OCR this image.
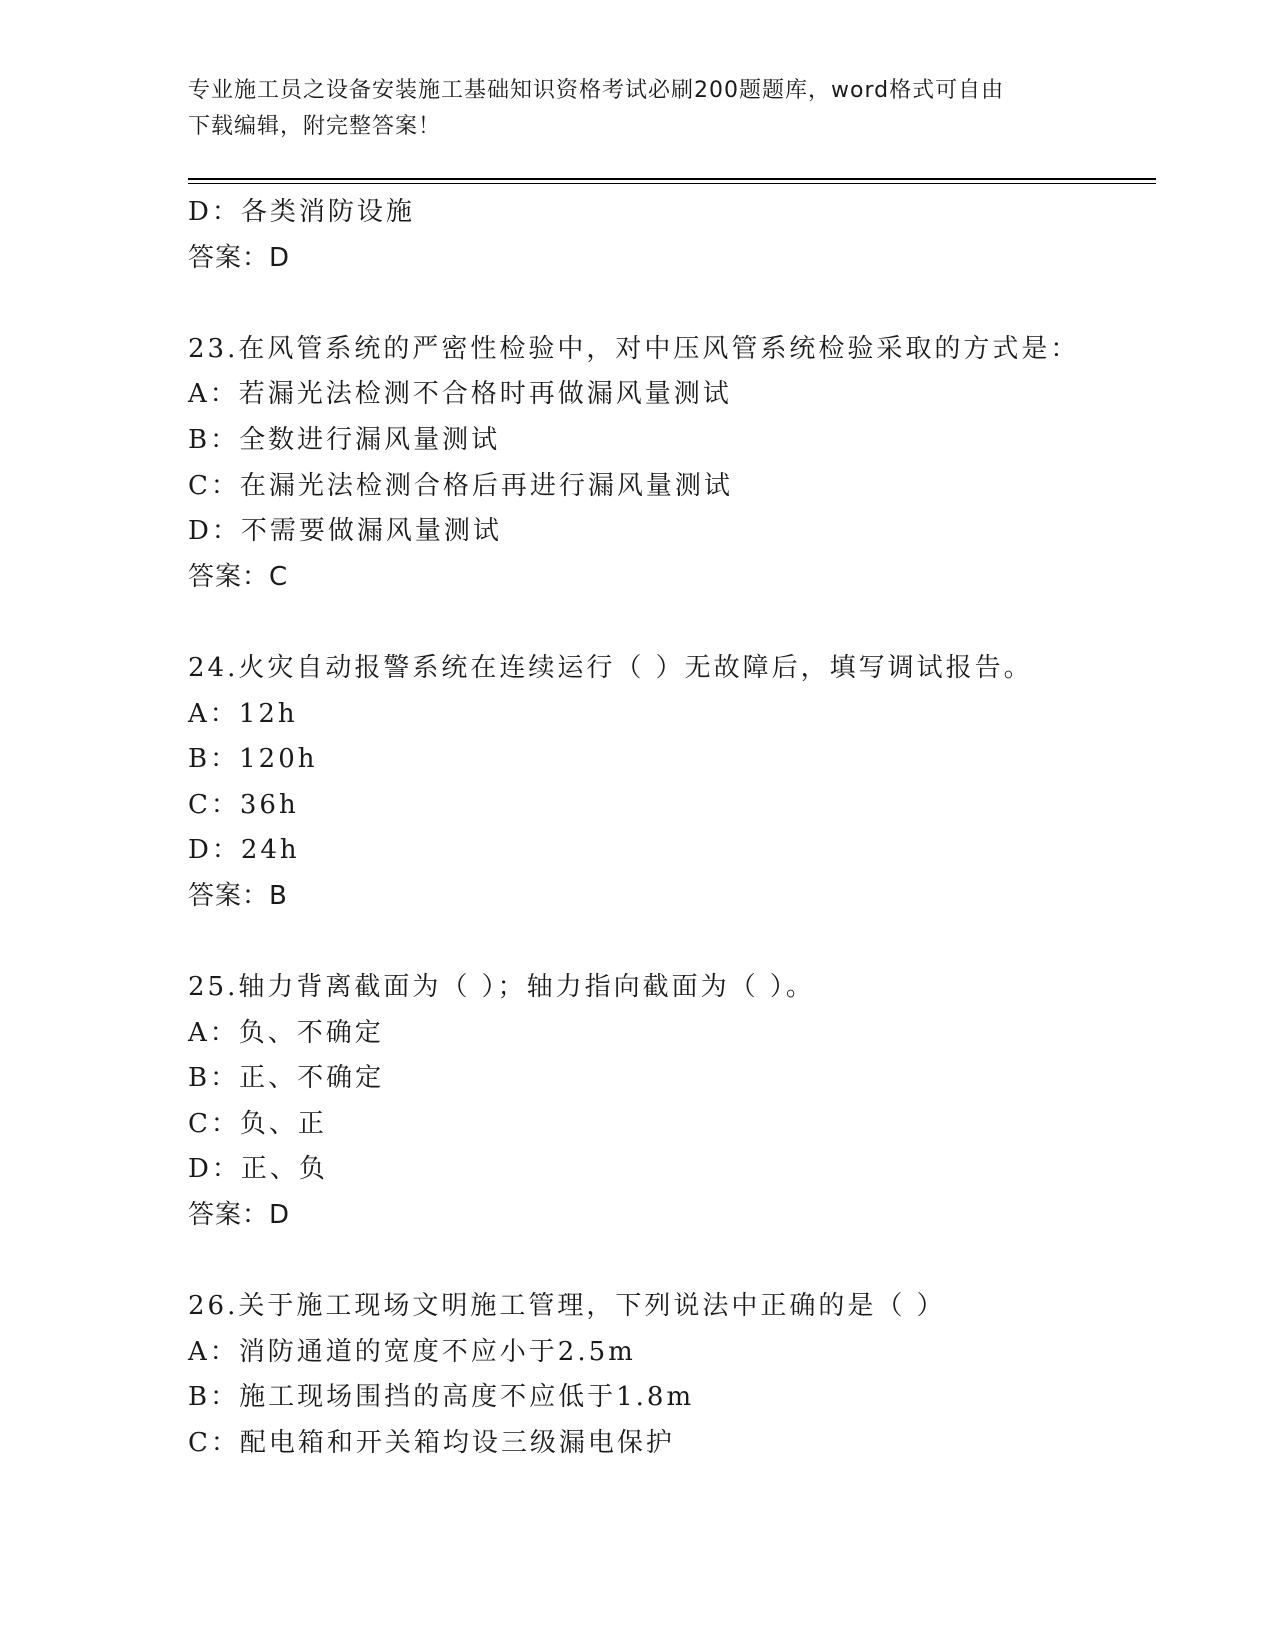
专业施工员之设备安装施工基础知识资格考试必刷200题题库，word格式可自由
下载编辑，附完整答案！
D：各类消防设施
答案：D
23.在风管系统的严密性检验中，对中压风管系统检验采取的方式是：
A：若漏光法检测不合格时再做漏风量测试
B：全数进行漏风量测试
C：在漏光法检测合格后再进行漏风量测试
D：不需要做漏风量测试
答案：C
24.火灾自动报警系统在连续运行（ ）无故障后，填写调试报告。
A：12h
B：120h
C：36h
D：24h
答案：B
25.轴力背离截面为（ ）；轴力指向截面为（ ）。
A：负、不确定
B：正、不确定
C：负、正
D：正、负
答案：D
26.关于施工现场文明施工管理，下列说法中正确的是（ ）
A：消防通道的宽度不应小于2.5m
B：施工现场围挡的高度不应低于1.8m
C：配电箱和开关箱均设三级漏电保护
